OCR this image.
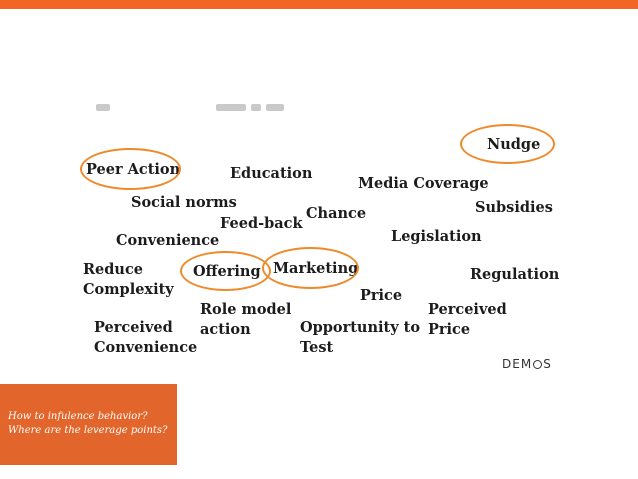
Nudge
Peer Action	Education
Media Coverage
Social norms	Subsidies
Feed-back
Chance
Convenience	Legislation
Reduce
Complexity
Offering Marketing	Regulation
Price
Role model
action
Perceived
Convenience
Opportunity to
Test
Perceived
Price
DEM S
How to infulence behavior?
Where are the leverage points?
